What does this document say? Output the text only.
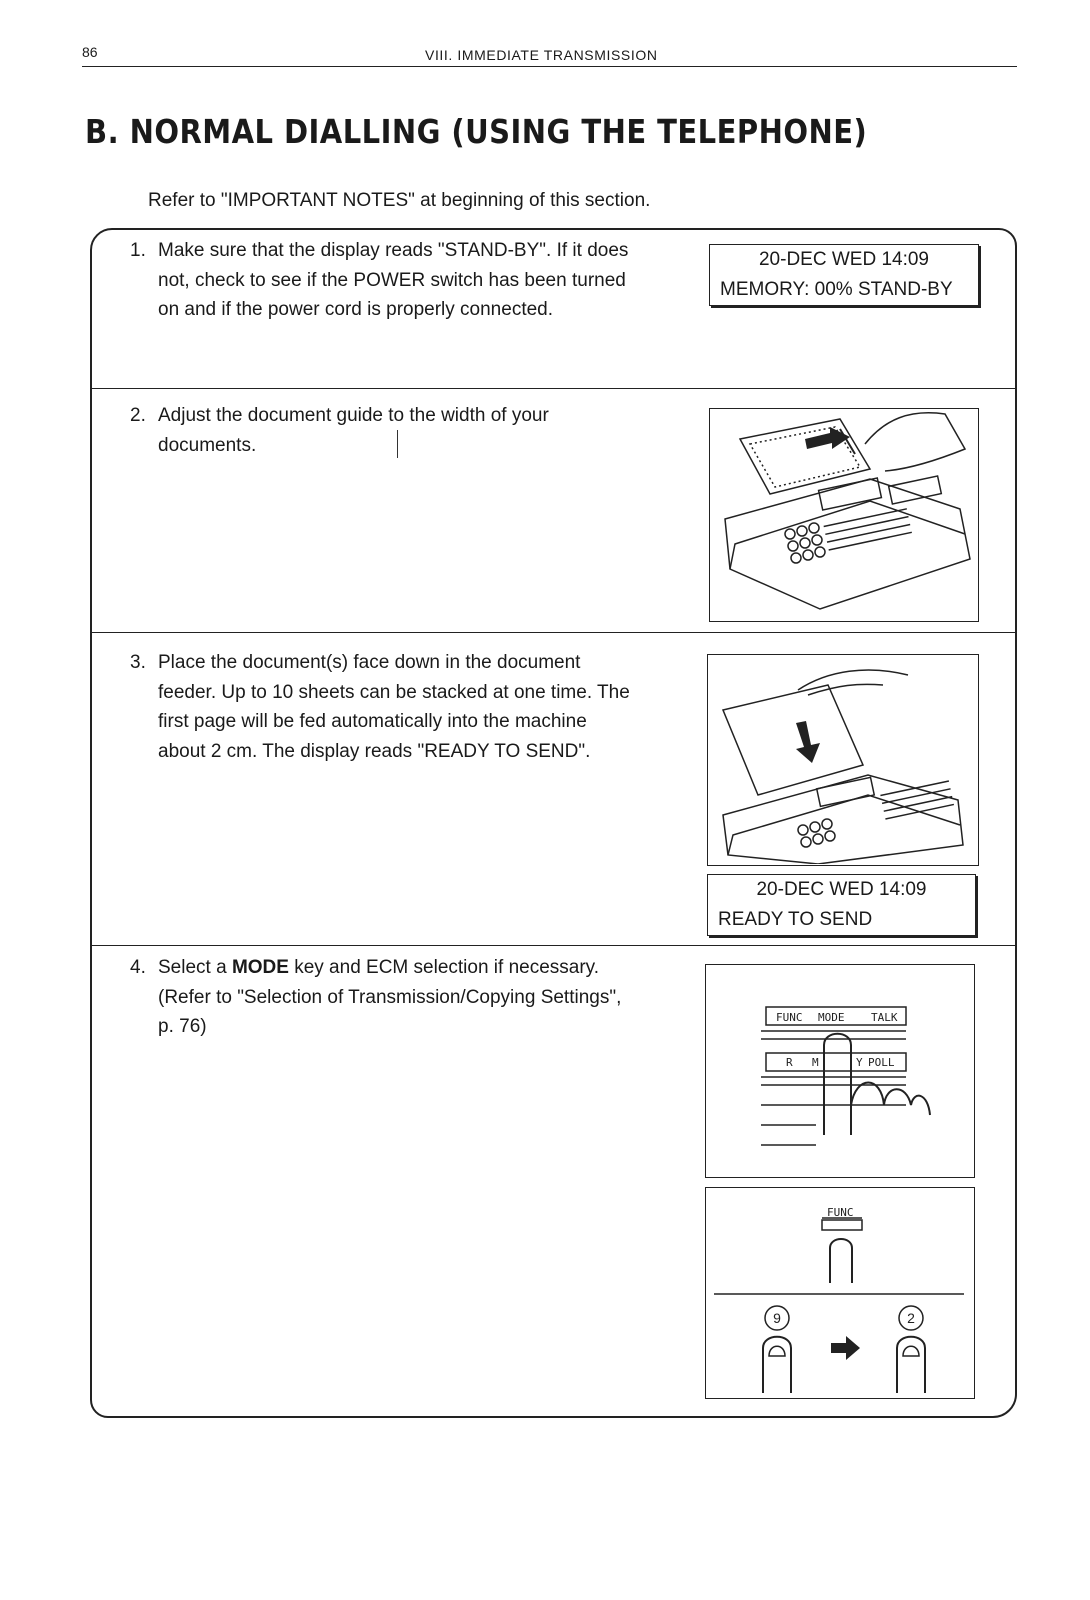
86	VIII. IMMEDIATE TRANSMISSION
B. NORMAL DIALLING (USING THE TELEPHONE)
Refer to "IMPORTANT NOTES" at beginning of this section.
1. Make sure that the display reads "STAND-BY". If it does not, check to see if the POWER switch has been turned on and if the power cord is properly connected.
20-DEC WED 14:09
MEMORY: 00% STAND-BY
2. Adjust the document guide to the width of your documents.
3. Place the document(s) face down in the document feeder. Up to 10 sheets can be stacked at one time. The first page will be fed automatically into the machine about 2 cm. The display reads "READY TO SEND".
20-DEC WED 14:09
READY TO SEND
4. Select a MODE key and ECM selection if necessary. (Refer to "Selection of Transmission/Copying Settings", p. 76)	FUNC MODE TALK
R M	Y POLL
FUNC
9	2
